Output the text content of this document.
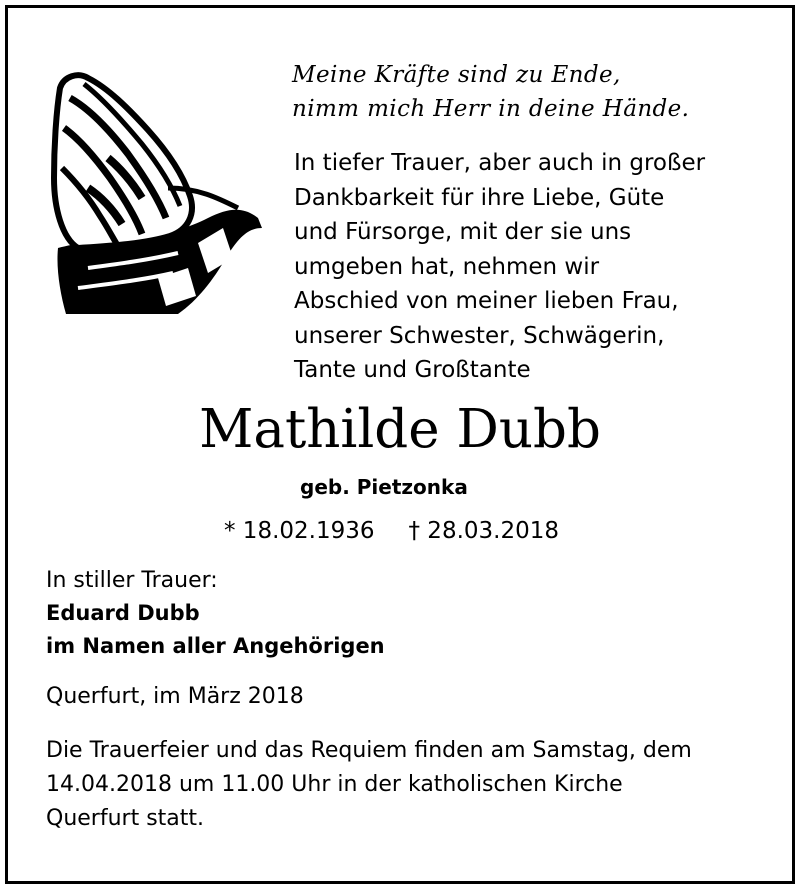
Meine Kräfte sind zu Ende,
nimm mich Herr in deine Hände.
In tiefer Trauer, aber auch in großer
Dankbarkeit für ihre Liebe, Güte
und Fürsorge, mit der sie uns
umgeben hat, nehmen wir
Abschied von meiner lieben Frau,
unserer Schwester, Schwägerin,
Tante und Großtante
Mathilde Dubb
geb. Pietzonka
* 18.02.1936 † 28.03.2018
In stiller Trauer:
Eduard Dubb
im Namen aller Angehörigen
Querfurt, im März 2018
Die Trauerfeier und das Requiem finden am Samstag, dem
14.04.2018 um 11.00 Uhr in der katholischen Kirche
Querfurt statt.
